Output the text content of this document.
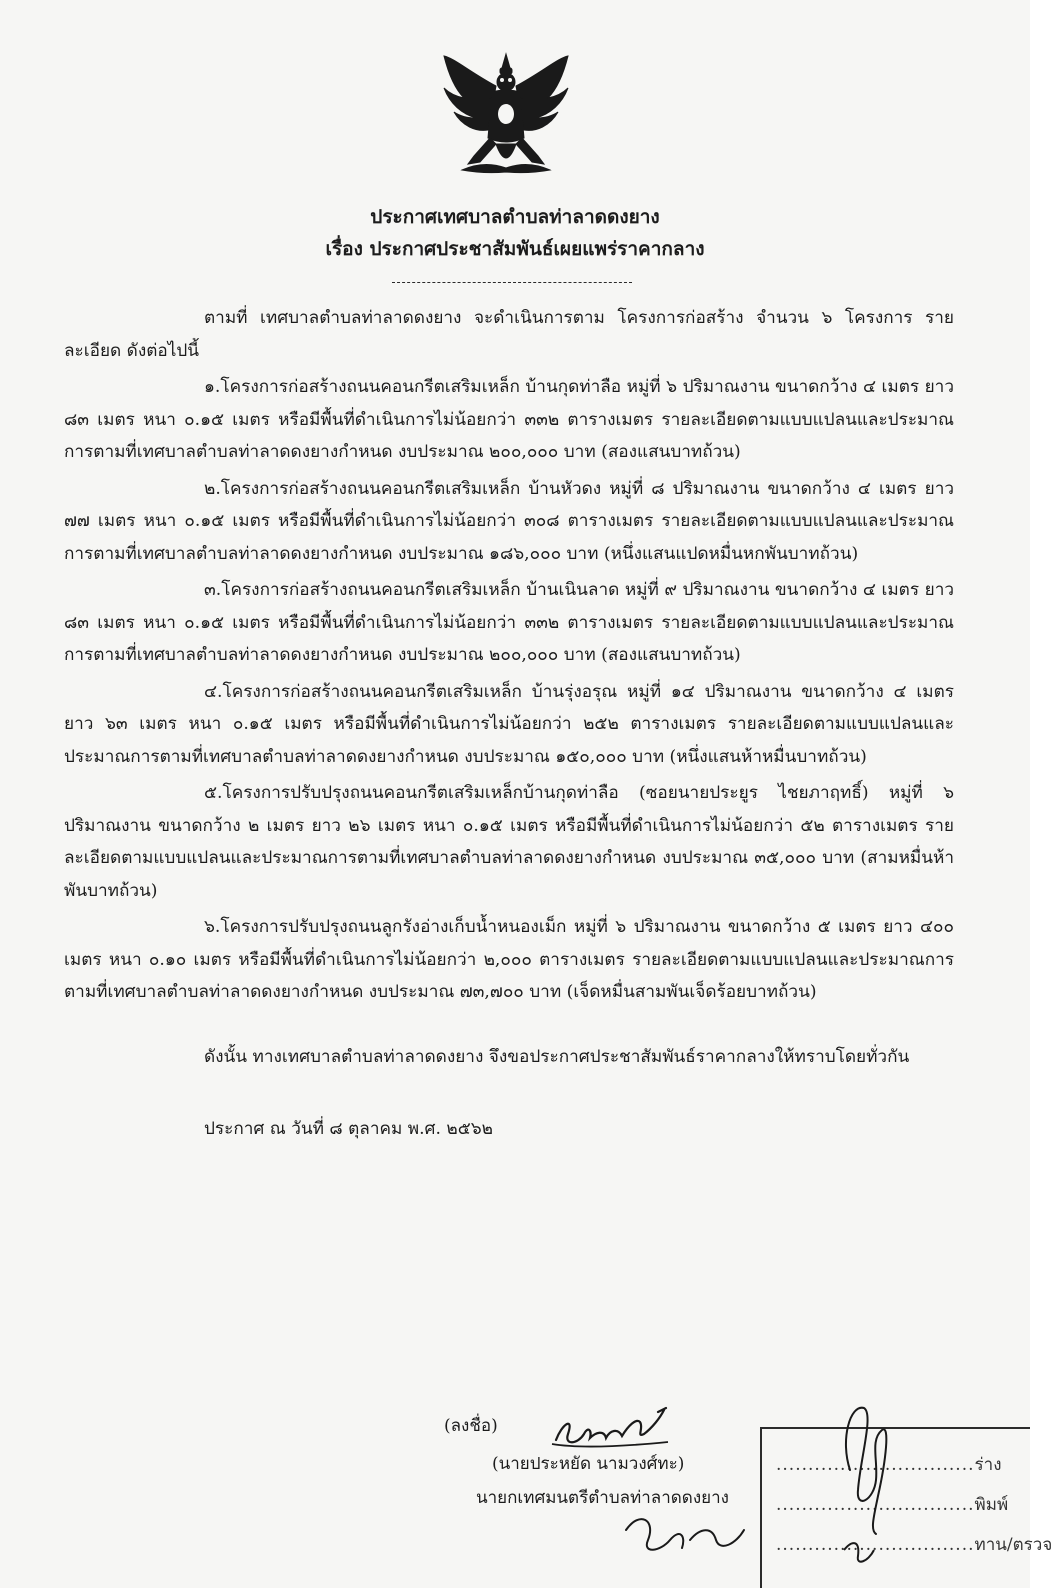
ประกาศเทศบาลตำบลท่าลาดดงยาง
เรื่อง ประกาศประชาสัมพันธ์เผยแพร่ราคากลาง

ตามที่ เทศบาลตำบลท่าลาดดงยาง จะดำเนินการตาม โครงการก่อสร้าง จำนวน ๖ โครงการ รายละเอียด ดังต่อไปนี้

๑.โครงการก่อสร้างถนนคอนกรีตเสริมเหล็ก บ้านกุดท่าลือ หมู่ที่ ๖ ปริมาณงาน ขนาดกว้าง ๔ เมตร ยาว ๘๓ เมตร หนา ๐.๑๕ เมตร หรือมีพื้นที่ดำเนินการไม่น้อยกว่า ๓๓๒ ตารางเมตร รายละเอียดตามแบบแปลนและประมาณการตามที่เทศบาลตำบลท่าลาดดงยางกำหนด งบประมาณ ๒๐๐,๐๐๐ บาท (สองแสนบาทถ้วน)

๒.โครงการก่อสร้างถนนคอนกรีตเสริมเหล็ก บ้านหัวดง หมู่ที่ ๘ ปริมาณงาน ขนาดกว้าง ๔ เมตร ยาว ๗๗ เมตร หนา ๐.๑๕ เมตร หรือมีพื้นที่ดำเนินการไม่น้อยกว่า ๓๐๘ ตารางเมตร รายละเอียดตามแบบแปลนและประมาณการตามที่เทศบาลตำบลท่าลาดดงยางกำหนด งบประมาณ ๑๘๖,๐๐๐ บาท (หนึ่งแสนแปดหมื่นหกพันบาทถ้วน)

๓.โครงการก่อสร้างถนนคอนกรีตเสริมเหล็ก บ้านเนินลาด หมู่ที่ ๙ ปริมาณงาน ขนาดกว้าง ๔ เมตร ยาว ๘๓ เมตร หนา ๐.๑๕ เมตร หรือมีพื้นที่ดำเนินการไม่น้อยกว่า ๓๓๒ ตารางเมตร รายละเอียดตามแบบแปลนและประมาณการตามที่เทศบาลตำบลท่าลาดดงยางกำหนด งบประมาณ ๒๐๐,๐๐๐ บาท (สองแสนบาทถ้วน)

๔.โครงการก่อสร้างถนนคอนกรีตเสริมเหล็ก บ้านรุ่งอรุณ หมู่ที่ ๑๔ ปริมาณงาน ขนาดกว้าง ๔ เมตร ยาว ๖๓ เมตร หนา ๐.๑๕ เมตร หรือมีพื้นที่ดำเนินการไม่น้อยกว่า ๒๕๒ ตารางเมตร รายละเอียดตามแบบแปลนและประมาณการตามที่เทศบาลตำบลท่าลาดดงยางกำหนด งบประมาณ ๑๕๐,๐๐๐ บาท (หนึ่งแสนห้าหมื่นบาทถ้วน)

๕.โครงการปรับปรุงถนนคอนกรีตเสริมเหล็กบ้านกุดท่าลือ (ซอยนายประยูร ไชยภาฤทธิ์) หมู่ที่ ๖ ปริมาณงาน ขนาดกว้าง ๒ เมตร ยาว ๒๖ เมตร หนา ๐.๑๕ เมตร หรือมีพื้นที่ดำเนินการไม่น้อยกว่า ๕๒ ตารางเมตร รายละเอียดตามแบบแปลนและประมาณการตามที่เทศบาลตำบลท่าลาดดงยางกำหนด งบประมาณ ๓๕,๐๐๐ บาท (สามหมื่นห้าพันบาทถ้วน)

๖.โครงการปรับปรุงถนนลูกรังอ่างเก็บน้ำหนองเม็ก หมู่ที่ ๖ ปริมาณงาน ขนาดกว้าง ๕ เมตร ยาว ๔๐๐ เมตร หนา ๐.๑๐ เมตร หรือมีพื้นที่ดำเนินการไม่น้อยกว่า ๒,๐๐๐ ตารางเมตร รายละเอียดตามแบบแปลนและประมาณการตามที่เทศบาลตำบลท่าลาดดงยางกำหนด งบประมาณ ๗๓,๗๐๐ บาท (เจ็ดหมื่นสามพันเจ็ดร้อยบาทถ้วน)

ดังนั้น ทางเทศบาลตำบลท่าลาดดงยาง จึงขอประกาศประชาสัมพันธ์ราคากลางให้ทราบโดยทั่วกัน

ประกาศ ณ วันที่ ๘ ตุลาคม พ.ศ. ๒๕๖๒

(ลงชื่อ)
(นายประหยัด นามวงศ์ทะ)
นายกเทศมนตรีตำบลท่าลาดดงยาง
...............................ร่าง
...............................พิมพ์
...............................ทาน/ตรวจ
